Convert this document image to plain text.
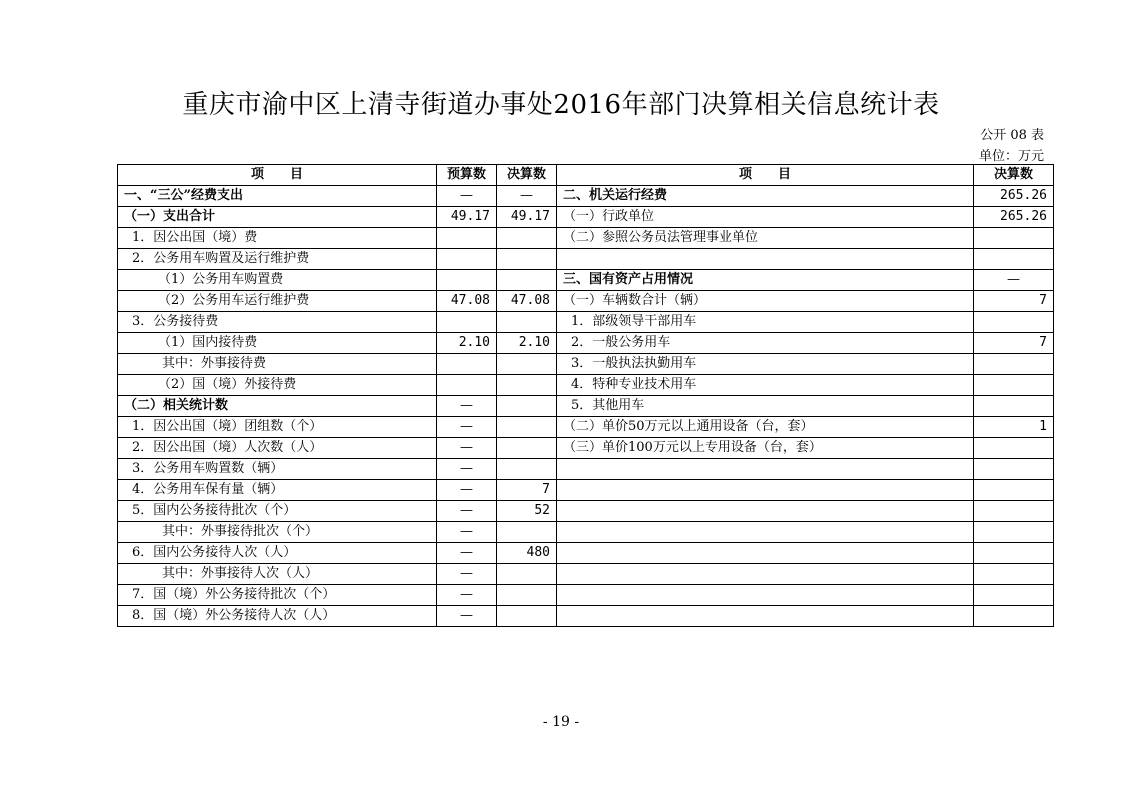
重庆市渝中区上清寺街道办事处2016年部门决算相关信息统计表
公开 08 表
单位：万元
项　　目	预算数	决算数	项　　目	决算数
一、“三公”经费支出	—	—	二、机关运行经费	265.26
（一）支出合计	49.17	49.17	（一）行政单位	265.26
1．因公出国（境）费			（二）参照公务员法管理事业单位	
2．公务用车购置及运行维护费				
（1）公务用车购置费			三、国有资产占用情况	—
（2）公务用车运行维护费	47.08	47.08	（一）车辆数合计（辆）	7
3．公务接待费			1．部级领导干部用车	
（1）国内接待费	2.10	2.10	2．一般公务用车	7
其中：外事接待费			3．一般执法执勤用车	
（2）国（境）外接待费			4．特种专业技术用车	
（二）相关统计数	—		5．其他用车	
1．因公出国（境）团组数（个）	—		（二）单价50万元以上通用设备（台，套）	1
2．因公出国（境）人次数（人）	—		（三）单价100万元以上专用设备（台，套）	
3．公务用车购置数（辆）	—			
4．公务用车保有量（辆）	—	7		
5．国内公务接待批次（个）	—	52		
其中：外事接待批次（个）	—			
6．国内公务接待人次（人）	—	480		
其中：外事接待人次（人）	—			
7．国（境）外公务接待批次（个）	—			
8．国（境）外公务接待人次（人）	—			
- 19 -
